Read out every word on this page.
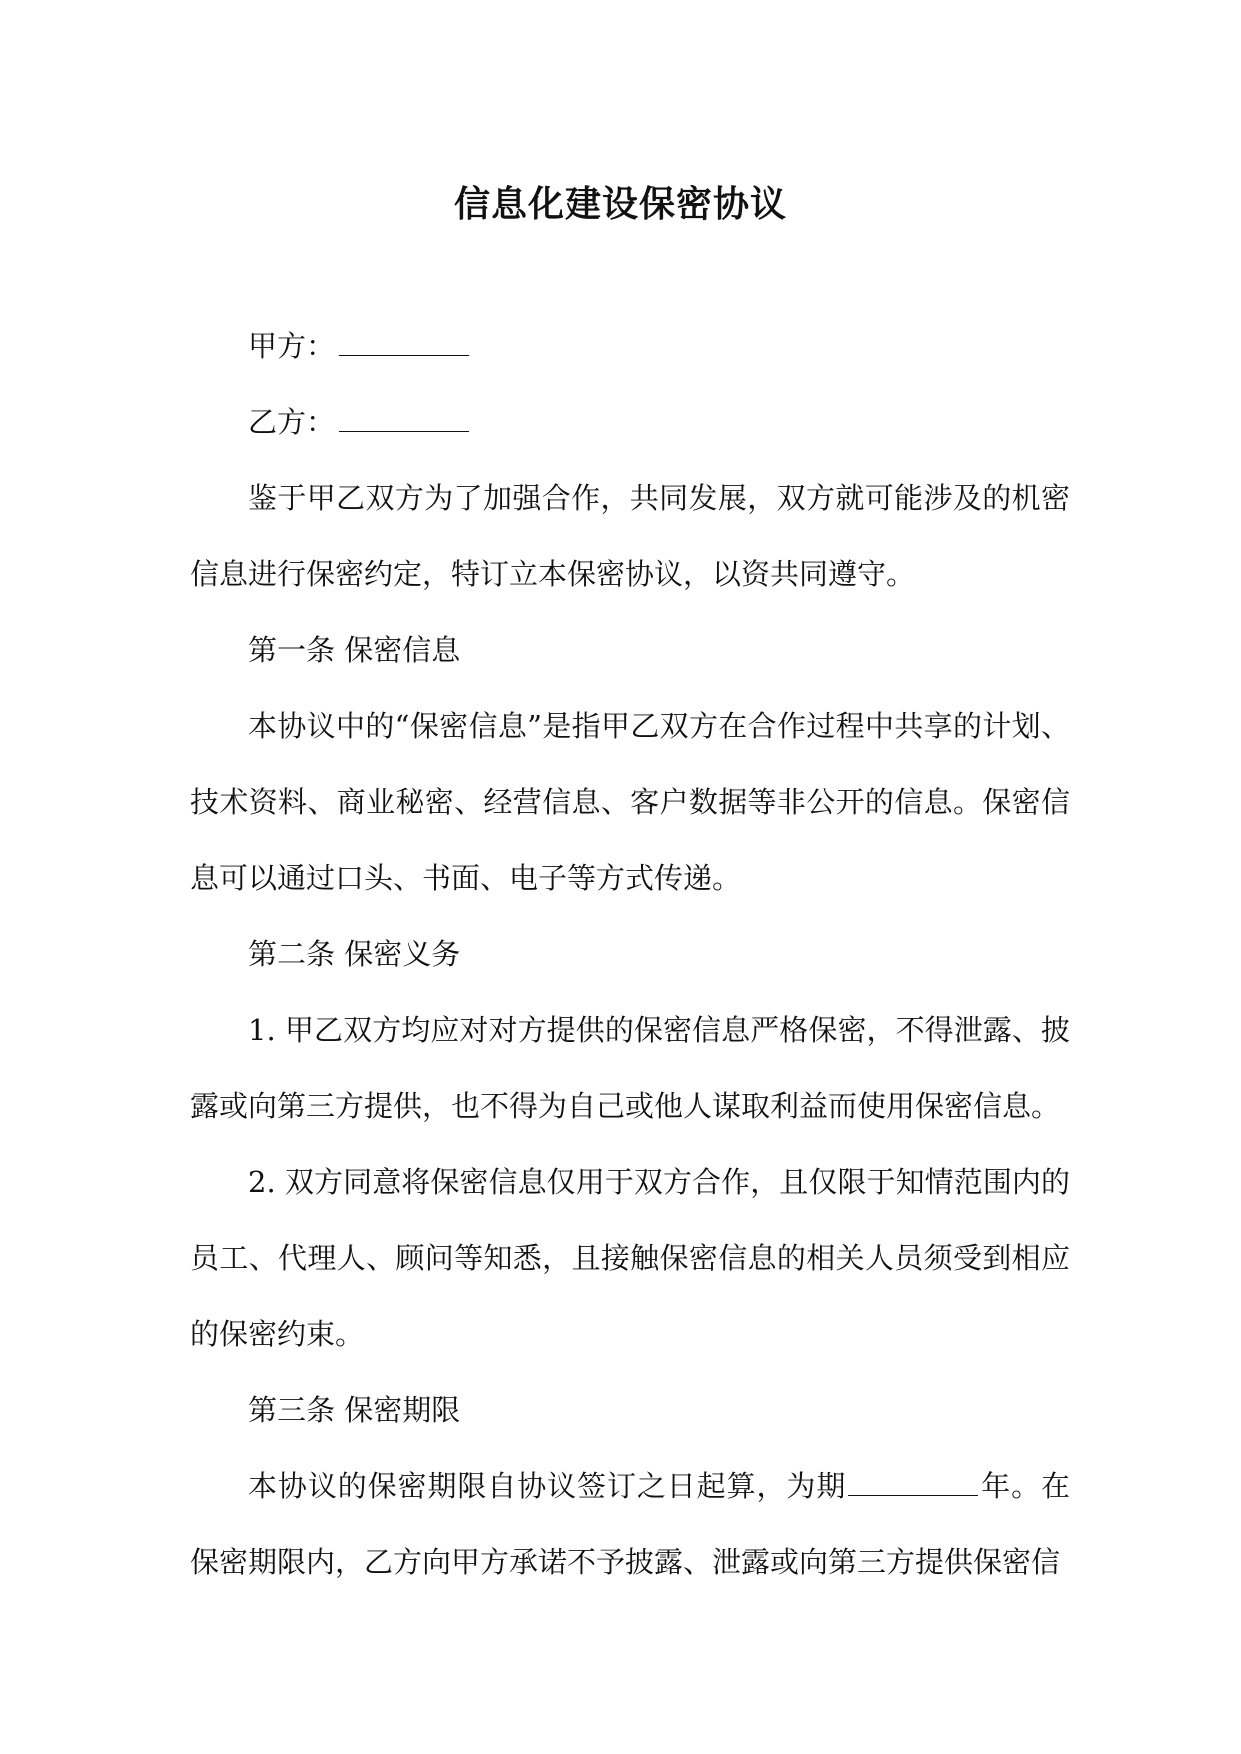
信息化建设保密协议

甲方：

乙方：

鉴于甲乙双方为了加强合作，共同发展，双方就可能涉及的机密信息进行保密约定，特订立本保密协议，以资共同遵守。

第一条 保密信息

本协议中的“保密信息”是指甲乙双方在合作过程中共享的计划、技术资料、商业秘密、经营信息、客户数据等非公开的信息。保密信息可以通过口头、书面、电子等方式传递。

第二条 保密义务

1. 甲乙双方均应对对方提供的保密信息严格保密，不得泄露、披露或向第三方提供，也不得为自己或他人谋取利益而使用保密信息。

2. 双方同意将保密信息仅用于双方合作，且仅限于知情范围内的员工、代理人、顾问等知悉，且接触保密信息的相关人员须受到相应的保密约束。

第三条 保密期限

本协议的保密期限自协议签订之日起算，为期	年。在保密期限内，乙方向甲方承诺不予披露、泄露或向第三方提供保密信
